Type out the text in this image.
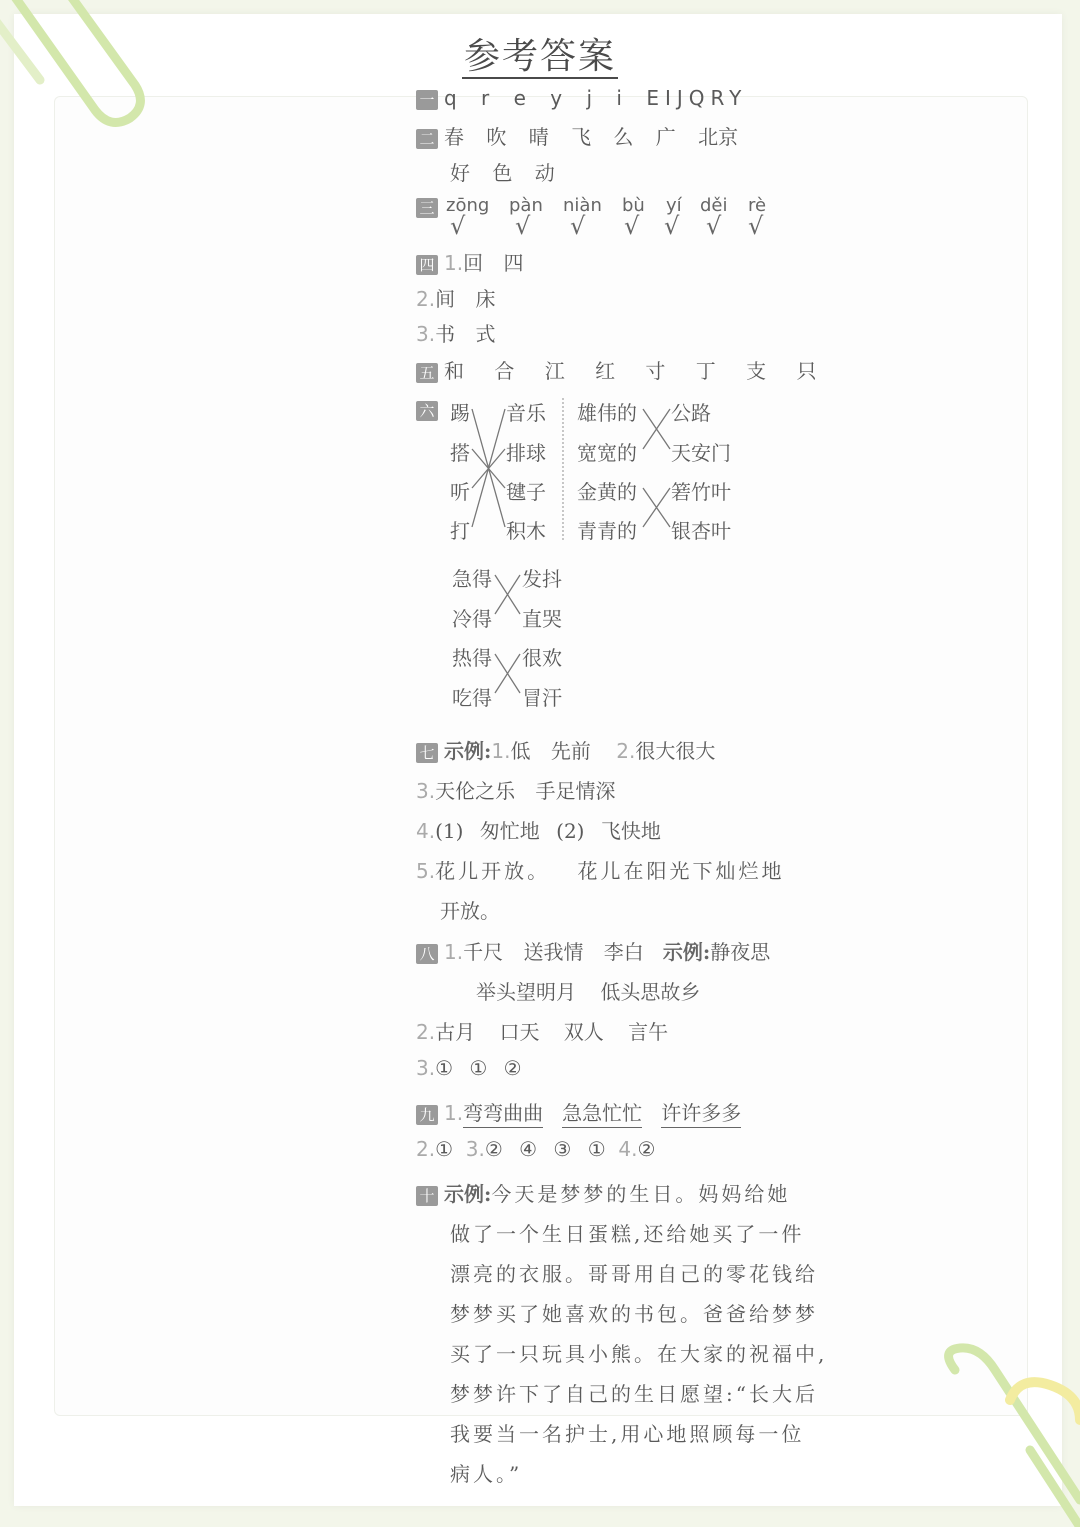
参考答案
一 q r e y j i EIJQRY
二 春 吹 晴 飞 么 广 北京
好 色 动
三 zōng pàn niàn bù yí děi rè
√ √ √ √ √ √ √
四 1.回 四
2.间 床
3.书 式
五 和 合 江 红 寸 丁 支 只
六 踢
搭
听
打
音乐
排球
毽子
积木
雄伟的
宽宽的
金黄的
青青的
公路
天安门
箬竹叶
银杏叶
急得
冷得
热得
吃得
发抖
直哭
很欢
冒汗
七 示例:1.低 先前 2.很大很大
3.天伦之乐 手足情深
4.(1) 匆忙地 (2) 飞快地
5.花儿开放。 花儿在阳光下灿烂地
开放。
八 1.千尺 送我情 李白 示例:静夜思
举头望明月 低头思故乡
2.古月 口天 双人 言午
3.① ① ②
九 1.弯弯曲曲 急急忙忙 许许多多
2.① 3.② ④ ③ ① 4.②
十 示例:今天是梦梦的生日。妈妈给她
做了一个生日蛋糕,还给她买了一件
漂亮的衣服。哥哥用自己的零花钱给
梦梦买了她喜欢的书包。爸爸给梦梦
买了一只玩具小熊。在大家的祝福中,
梦梦许下了自己的生日愿望:“长大后
我要当一名护士,用心地照顾每一位
病人。”
